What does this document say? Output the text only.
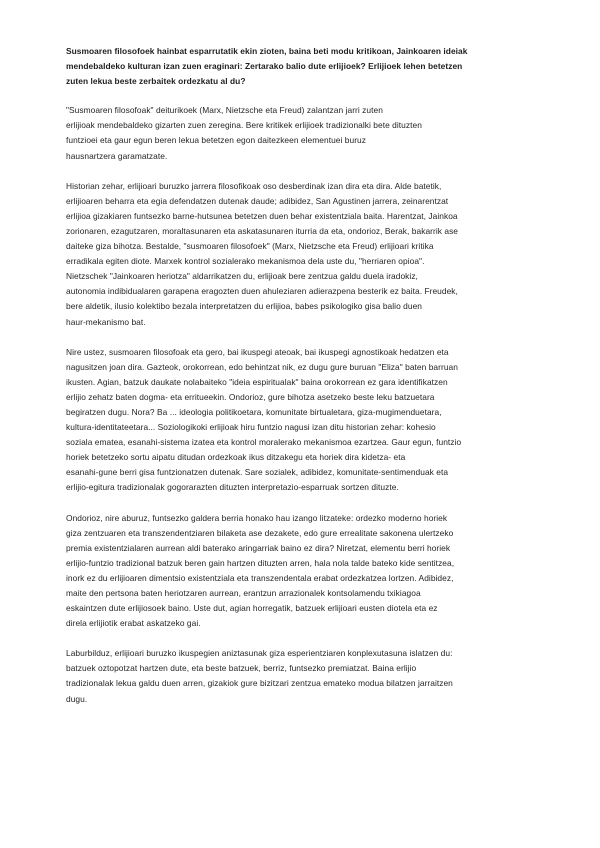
Susmoaren filosofoek hainbat esparrutatik ekin zioten, baina beti modu kritikoan, Jainkoaren ideiak
mendebaldeko kulturan izan zuen eraginari: Zertarako balio dute erlijioek? Erlijioek lehen betetzen
zuten lekua beste zerbaitek ordezkatu al du?

"Susmoaren filosofoak" deiturikoek (Marx, Nietzsche eta Freud) zalantzan jarri zuten
erlijioak mendebaldeko gizarten zuen zeregina. Bere kritikek erlijioek tradizionalki bete dituzten
funtzioei eta gaur egun beren lekua betetzen egon daitezkeen elementuei buruz
hausnartzera garamatzate.

Historian zehar, erlijioari buruzko jarrera filosofikoak oso desberdinak izan dira eta dira. Alde batetik,
erlijioaren beharra eta egia defendatzen dutenak daude; adibidez, San Agustinen jarrera, zeinarentzat
erlijioa gizakiaren funtsezko barne-hutsunea betetzen duen behar existentziala baita. Harentzat, Jainkoa
zorionaren, ezagutzaren, moraltasunaren eta askatasunaren iturria da eta, ondorioz, Berak, bakarrik ase
daiteke giza bihotza. Bestalde, "susmoaren filosofoek" (Marx, Nietzsche eta Freud) erlijioari kritika
erradikala egiten diote. Marxek kontrol sozialerako mekanismoa dela uste du, "herriaren opioa".
Nietzschek "Jainkoaren heriotza" aldarrikatzen du, erlijioak bere zentzua galdu duela iradokiz,
autonomia indibidualaren garapena eragozten duen ahuleziaren adierazpena besterik ez baita. Freudek,
bere aldetik, ilusio kolektibo bezala interpretatzen du erlijioa, babes psikologiko gisa balio duen
haur-mekanismo bat.

Nire ustez, susmoaren filosofoak eta gero, bai ikuspegi ateoak, bai ikuspegi agnostikoak hedatzen eta
nagusitzen joan dira. Gazteok, orokorrean, edo behintzat nik, ez dugu gure buruan "Eliza" baten barruan
ikusten. Agian, batzuk daukate nolabaiteko "ideia espiritualak" baina orokorrean ez gara identifikatzen
erlijio zehatz baten dogma- eta erritueekin. Ondorioz, gure bihotza asetzeko beste leku batzuetara
begiratzen dugu. Nora? Ba ... ideologia politikoetara, komunitate birtualetara, giza-mugimenduetara,
kultura-identitateetara... Soziologikoki erlijioak hiru funtzio nagusi izan ditu historian zehar: kohesio
soziala ematea, esanahi-sistema izatea eta kontrol moralerako mekanismoa ezartzea. Gaur egun, funtzio
horiek betetzeko sortu aipatu ditudan ordezkoak ikus ditzakegu eta horiek dira kidetza- eta
esanahi-gune berri gisa funtzionatzen dutenak. Sare sozialek, adibidez, komunitate-sentimenduak eta
erlijio-egitura tradizionalak gogorarazten dituzten interpretazio-esparruak sortzen dituzte.

Ondorioz, nire aburuz, funtsezko galdera berria honako hau izango litzateke: ordezko moderno horiek
giza zentzuaren eta transzendentziaren bilaketa ase dezakete, edo gure errealitate sakonena ulertzeko
premia existentzialaren aurrean aldi baterako aringarriak baino ez dira? Niretzat, elementu berri horiek
erlijio-funtzio tradizional batzuk beren gain hartzen dituzten arren, hala nola talde bateko kide sentitzea,
inork ez du erlijioaren dimentsio existentziala eta transzendentala erabat ordezkatzea lortzen. Adibidez,
maite den pertsona baten heriotzaren aurrean, erantzun arrazionalek kontsolamendu txikiagoa
eskaintzen dute erlijiosoek baino. Uste dut, agian horregatik, batzuek erlijioari eusten diotela eta ez
direla erlijiotik erabat askatzeko gai.

Laburbilduz, erlijioari buruzko ikuspegien aniztasunak giza esperientziaren konplexutasuna islatzen du:
batzuek oztopotzat hartzen dute, eta beste batzuek, berriz, funtsezko premiatzat. Baina erlijio
tradizionalak lekua galdu duen arren, gizakiok gure bizitzari zentzua emateko modua bilatzen jarraitzen
dugu.
